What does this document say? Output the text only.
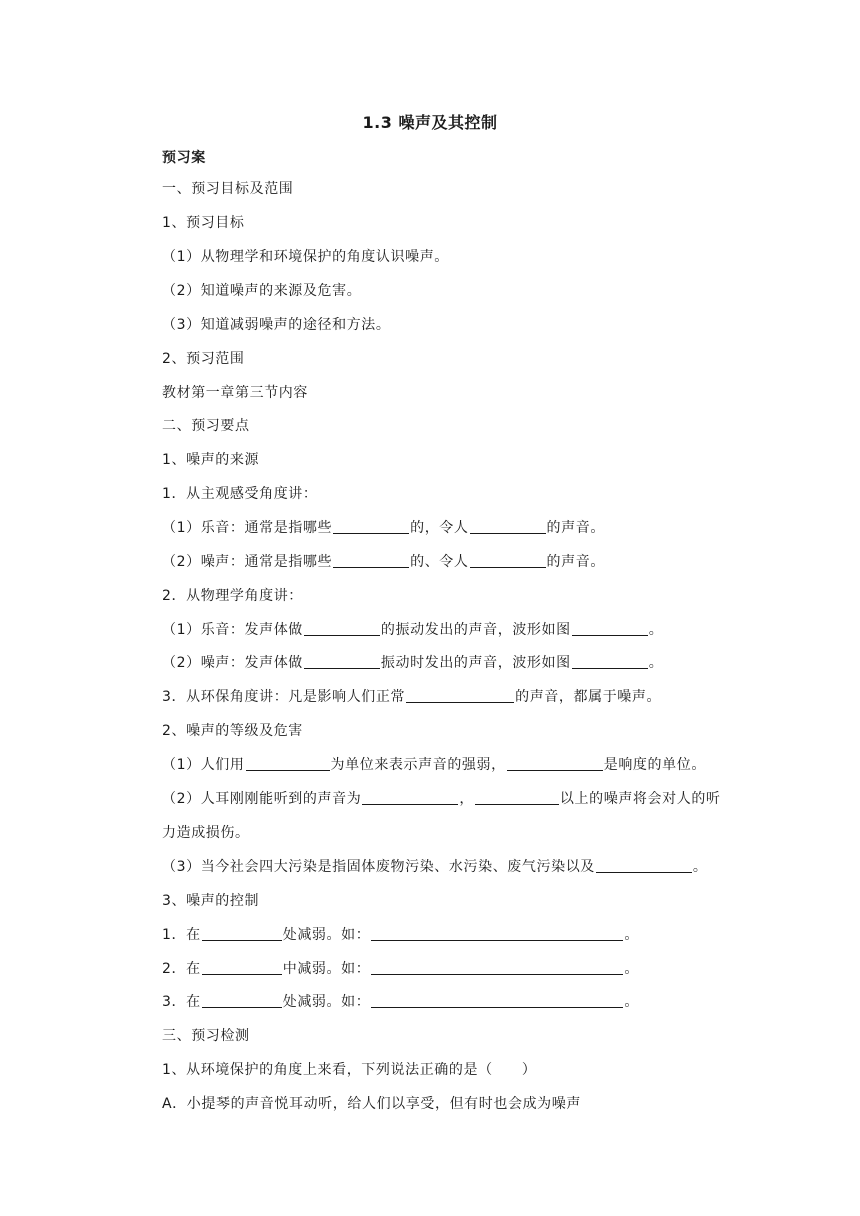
1.3 噪声及其控制
预习案
一、预习目标及范围
1、预习目标
（1）从物理学和环境保护的角度认识噪声。
（2）知道噪声的来源及危害。
（3）知道减弱噪声的途径和方法。
2、预习范围
教材第一章第三节内容
二、预习要点
1、噪声的来源
1．从主观感受角度讲：
（1）乐音：通常是指哪些	的，令人	的声音。
（2）噪声：通常是指哪些	的、令人	的声音。
2．从物理学角度讲：
（1）乐音：发声体做	的振动发出的声音，波形如图	。
（2）噪声：发声体做	振动时发出的声音，波形如图	。
3．从环保角度讲：凡是影响人们正常	的声音，都属于噪声。
2、噪声的等级及危害
（1）人们用	为单位来表示声音的强弱，	是响度的单位。
（2）人耳刚刚能听到的声音为	，	以上的噪声将会对人的听
力造成损伤。
（3）当今社会四大污染是指固体废物污染、水污染、废气污染以及	。
3、噪声的控制
1．在	处减弱。如：	。
2．在	中减弱。如：	。
3．在	处减弱。如：	。
三、预习检测
1、从环境保护的角度上来看，下列说法正确的是（　　）
A．小提琴的声音悦耳动听，给人们以享受，但有时也会成为噪声
